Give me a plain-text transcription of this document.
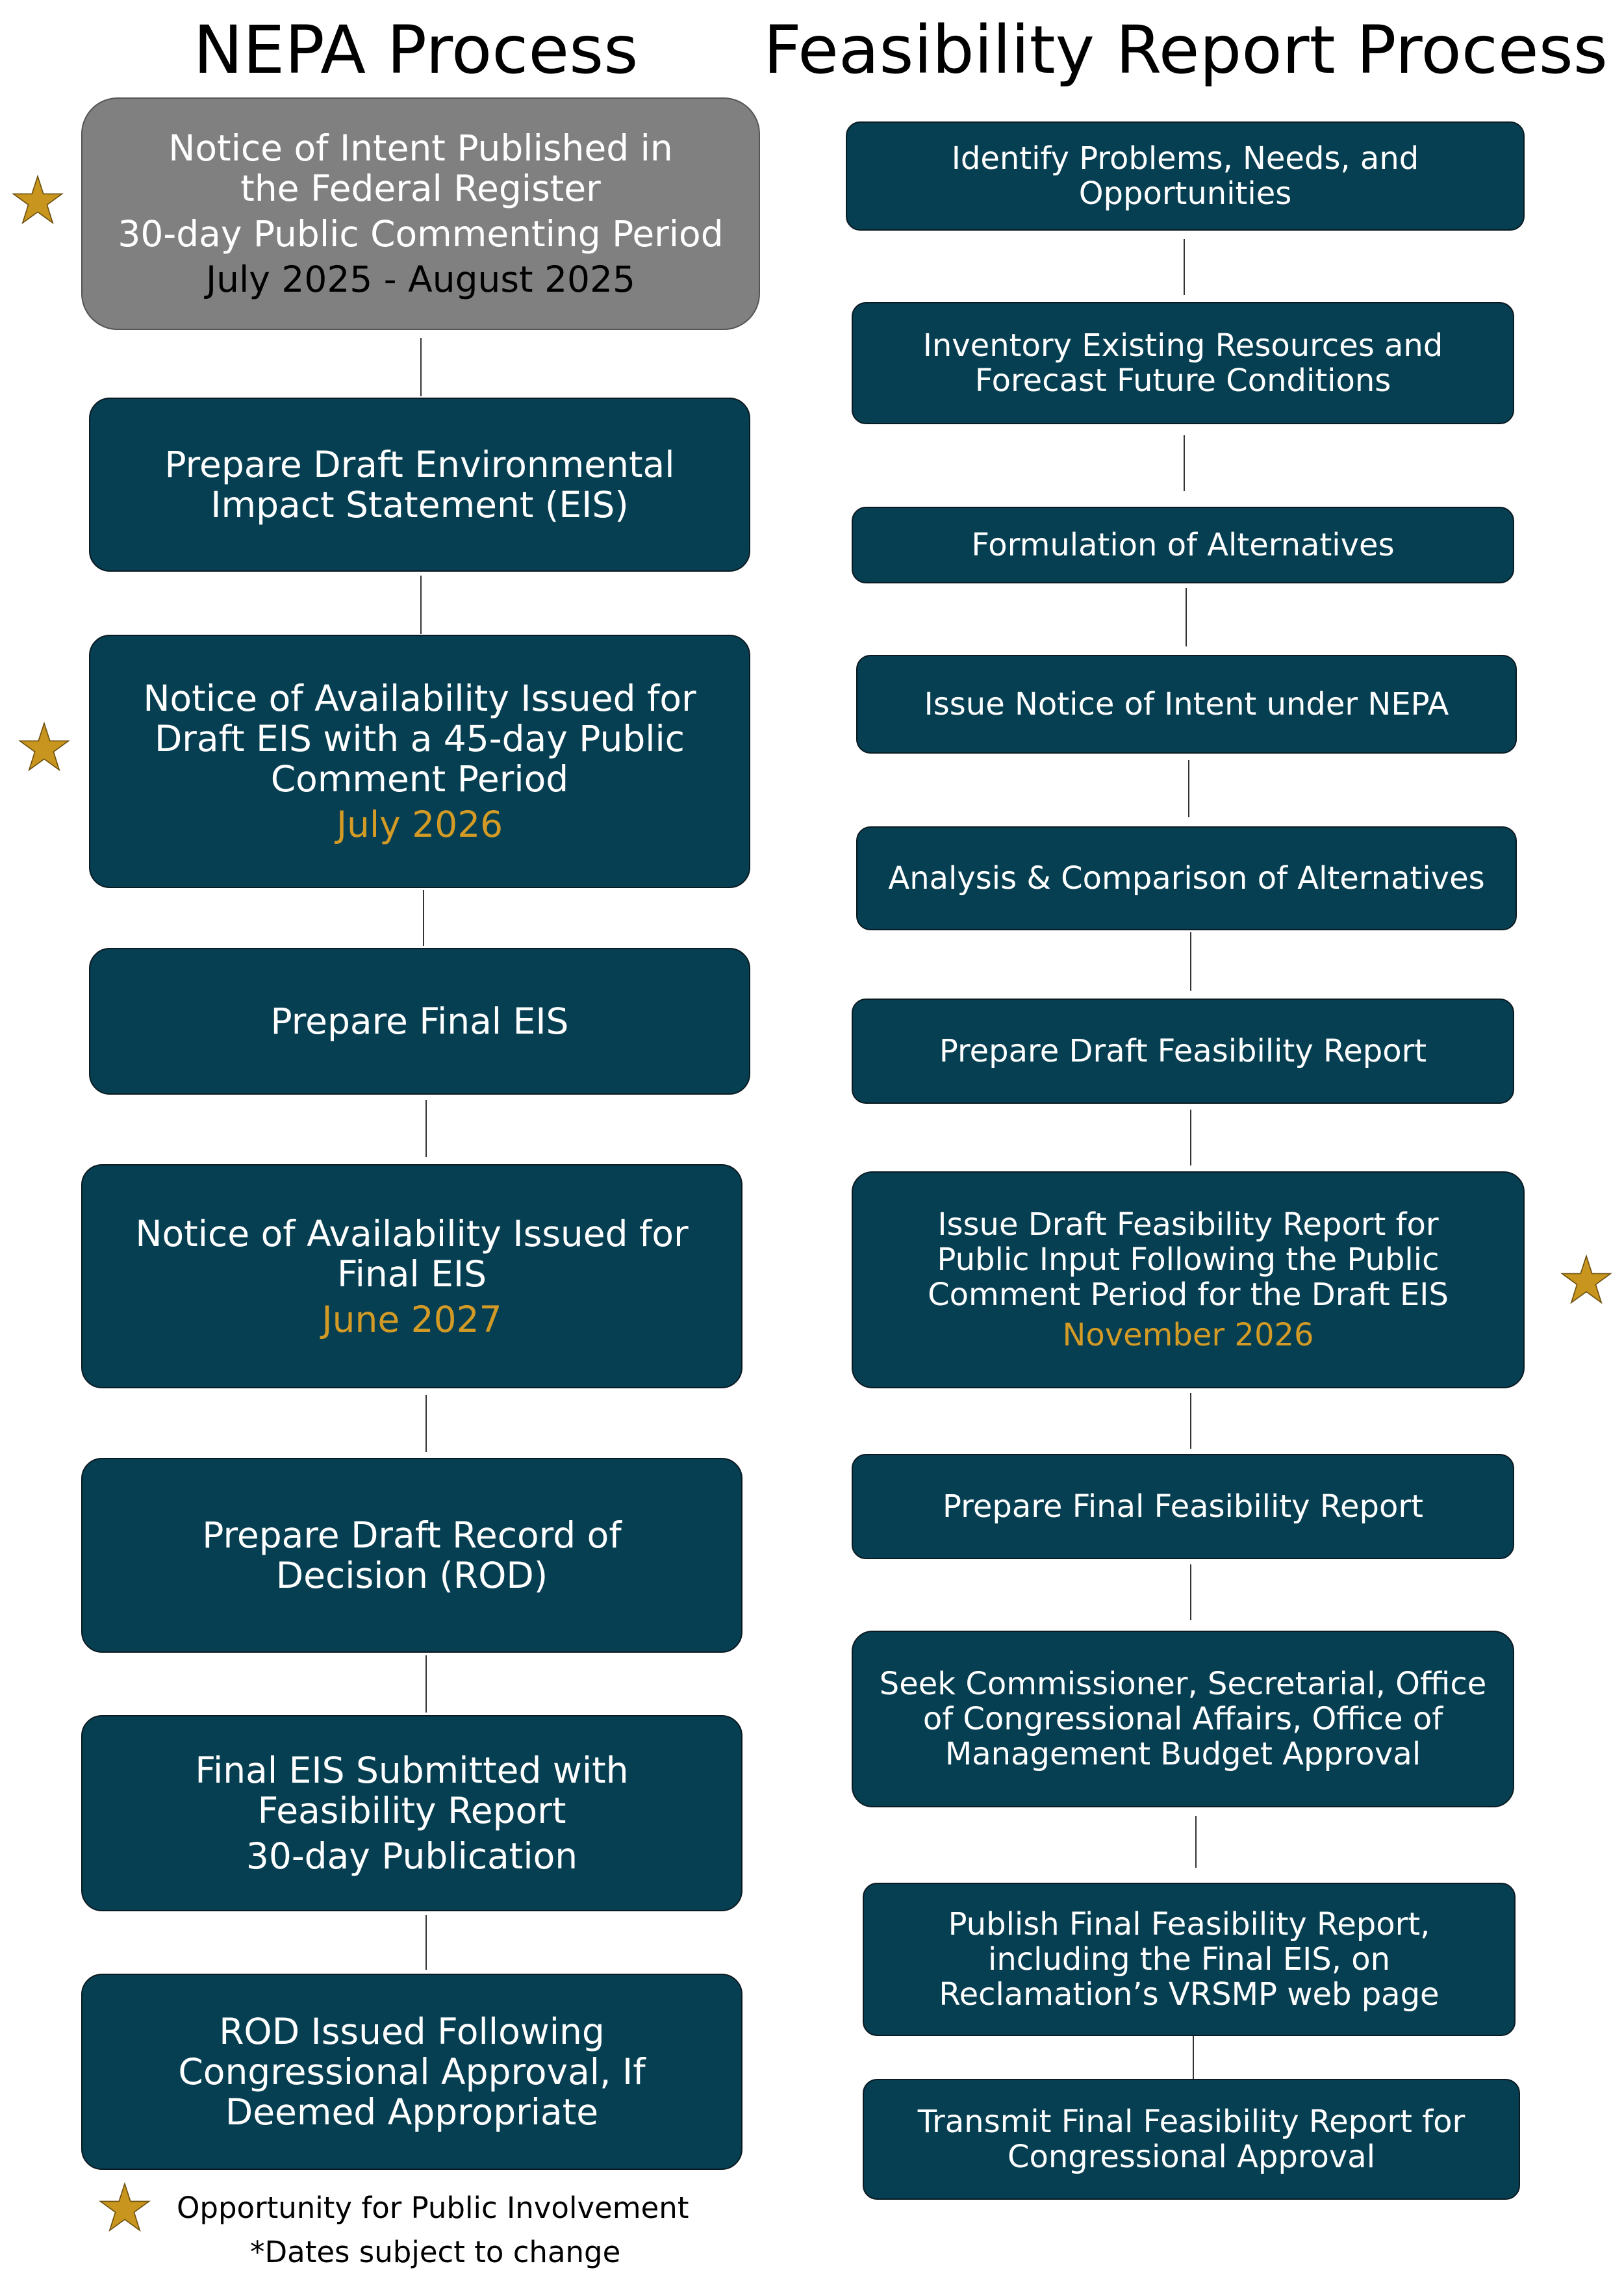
NEPA Process	Feasibility Report Process
Notice of Intent Published in the Federal Register
30-day Public Commenting Period
July 2025 - August 2025
Prepare Draft Environmental Impact Statement (EIS)
Notice of Availability Issued for Draft EIS with a 45-day Public Comment Period
July 2026
Prepare Final EIS
Notice of Availability Issued for Final EIS
June 2027
Prepare Draft Record of Decision (ROD)
Final EIS Submitted with Feasibility Report
30-day Publication
ROD Issued Following Congressional Approval, If Deemed Appropriate
Identify Problems, Needs, and Opportunities
Inventory Existing Resources and Forecast Future Conditions
Formulation of Alternatives
Issue Notice of Intent under NEPA
Analysis & Comparison of Alternatives
Prepare Draft Feasibility Report
Issue Draft Feasibility Report for Public Input Following the Public Comment Period for the Draft EIS
November 2026
Prepare Final Feasibility Report
Seek Commissioner, Secretarial, Office of Congressional Affairs, Office of Management Budget Approval
Publish Final Feasibility Report, including the Final EIS, on Reclamation’s VRSMP web page
Transmit Final Feasibility Report for Congressional Approval
Opportunity for Public Involvement
*Dates subject to change
